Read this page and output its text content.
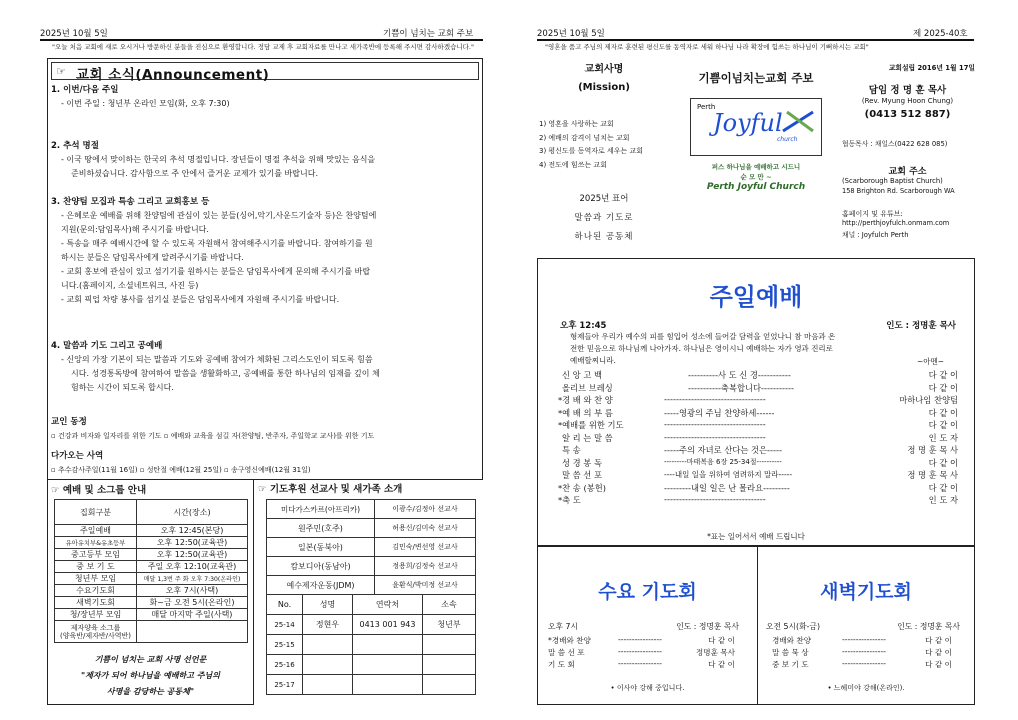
2025년 10월 5일	기쁨이 넘치는 교회 주보
"오늘 처음 교회에 새로 오시거나 방문하신 분들을 진심으로 환영합니다. 정담 교제 후 교회자료를 만나고 새가족반에 등록해 주시면 감사하겠습니다."
2025년 10월 5일	제 2025-40호
"영혼을 품고 주님의 제자로 훈련된 평신도를 동역자로 세워 하나님 나라 확장에 힘쓰는 하나님이 기뻐하시는 교회"
☞ 교회 소식(Announcement)
1. 이번/다음 주일

- 이번 주일 : 청년부 온라인 모임(화, 오후 7:30)

2. 추석 명절

- 이국 땅에서 맞이하는 한국의 추석 명절입니다. 장년들이 명절 추석을 위해 맛있는 음식을

준비하셨습니다. 감사함으로 주 안에서 즐거운 교제가 있기를 바랍니다.

3. 찬양팀 모집과 특송 그리고 교회홍보 등

- 은혜로운 예배를 위해 찬양팀에 관심이 있는 분들(싱어,악기,사운드기술자 등)은 찬양팀에

지원(문의:담임목사)해 주시기를 바랍니다.

- 특송을 매주 예배시간에 할 수 있도록 자원해서 참여해주시기를 바랍니다. 참여하기를 원

하시는 분들은 담임목사에게 알려주시기를 바랍니다.

- 교회 홍보에 관심이 있고 섬기기를 원하시는 분들은 담임목사에게 문의해 주시기를 바랍

니다.(홈페이지, 소셜네트워크, 사진 등)

- 교회 픽업 차량 봉사를 섬기실 분들은 담임목사에게 자원해 주시기를 바랍니다.

4. 말씀과 기도 그리고 공예배

- 신앙의 가장 기본이 되는 말씀과 기도와 공예배 참여가 체화된 그리스도인이 되도록 힘씀

시다. 성경통독방에 참여하여 말씀을 생활화하고, 공예배를 통한 하나님의 임재를 깊이 체

험하는 시간이 되도록 합시다.

교인 동정

▫ 건강과 비자와 일자리를 위한 기도 ▫ 예배와 교육을 섬길 자(찬양팀, 반주자, 주일학교 교사)를 위한 기도

다가오는 사역

▫ 추수감사주일(11월 16일) ▫ 성탄절 예배(12월 25일) ▫ 송구영신예배(12월 31일)

☞ 예배 및 소그룹 안내
집회구분	시간(장소)
주일예배	오후 12:45(본당)
유아유치부&유초등부	오후 12:50(교육관)
중고등부 모임	오후 12:50(교육관)
중 보 기 도	주일 오후 12:10(교육관)
청년부 모임	매달 1,3번 주 화 오후 7:30(온라인)
수요기도회	오후 7시(사택)
새벽기도회	화~금 오전 5시(온라인)
청/장년부 모임	매달 마지막 주일(사택)
제자양육 소그룹
(양육반/제자반/사역반)	
기쁨이 넘치는 교회 사명 선언문
"제자가 되어 하나님을 예배하고 주님의
사명을 감당하는 공동체"
☞ 기도후원 선교사 및 새가족 소개
미다가스카르(아프리카)	이광수/김정아 선교사
원주민(호주)	허용신/김미숙 선교사
일본(동북아)	김민숙/변선영 선교사
캄보디아(동남아)	정용희/김정숙 선교사
예수제자운동(JDM)	윤환식/박미정 선교사
No.	성명	연락처	소속
25-14	정현우	0413 001 943	청년부
25-15			
25-16			
25-17			
교회사명
(Mission)
1) 영혼을 사랑하는 교회
2) 예배의 감격이 넘치는 교회
3) 평신도를 동역자로 세우는 교회
4) 전도에 힘쓰는 교회
2025년 표어
말씀과 기도로
하나된 공동체
기쁨이넘치는교회 주보
Perth
Joyful
church
퍼스 하나님을 예배하고 시드니
순 모 만 ~
Perth Joyful Church
교회설립 2016년 1월 17일
담임 정 명 훈 목사
(Rev. Myung Hoon Chung)
(0413 512 887)
협동목사 : 채일스(0422 628 085)
교회 주소
(Scarborough Baptist Church)
158 Brighton Rd. Scarborough WA
홈페이지 및 유튜브:
http://perthjoyfulch.onmam.com
채널 : Joyfulch Perth
주일예배
오후 12:45	인도 : 정명훈 목사
형제들아 우리가 예수의 피를 힘입어 성소에 들어갈 담력을 얻었나니 참 마음과 온
전한 믿음으로 하나님께 나아가자. 하나님은 영이시니 예배하는 자가 영과 진리로
예배할찌니라.	~아멘~
신 앙 고 백	----------사 도 신 경-----------	다 같 이
올리브 브레싱	-----------축복합니다-----------	다 같 이
*경 배 와 찬 양	----------------------------------	마하나임 찬양팀
*예 배 의 부 름	-----영광의 주님 찬양하세------	다 같 이
*예배를 위한 기도	----------------------------------	다 같 이
알 리 는 말 씀	----------------------------------	인 도 자
특 송	-----주의 자녀로 산다는 것은-----	정 명 훈 목 사
성 경 봉 독	---------마태복음 6장 25-34절----------	다 같 이
말 씀 선 포	----내일 일을 위하여 염려하지 말라-----	정 명 훈 목 사
*찬 송 (봉헌)	---------내일 일은 난 몰라요---------	다 같 이
*축 도	----------------------------------	인 도 자
*표는 일어서서 예배 드립니다
수요 기도회
오후 7시	인도 : 정명훈 목사
*경배와 찬양	----------------	다 같 이
말 씀 선 포	----------------	정명훈 목사
기 도 회	----------------	다 같 이
• 이사야 강해 중입니다.
새벽기도회
오전 5시(화-금)	인도 : 정명훈 목사
경배와 찬양	----------------	다 같 이
말 씀 묵 상	----------------	다 같 이
중 보 기 도	----------------	다 같 이
• 느헤미야 강해(온라인).
